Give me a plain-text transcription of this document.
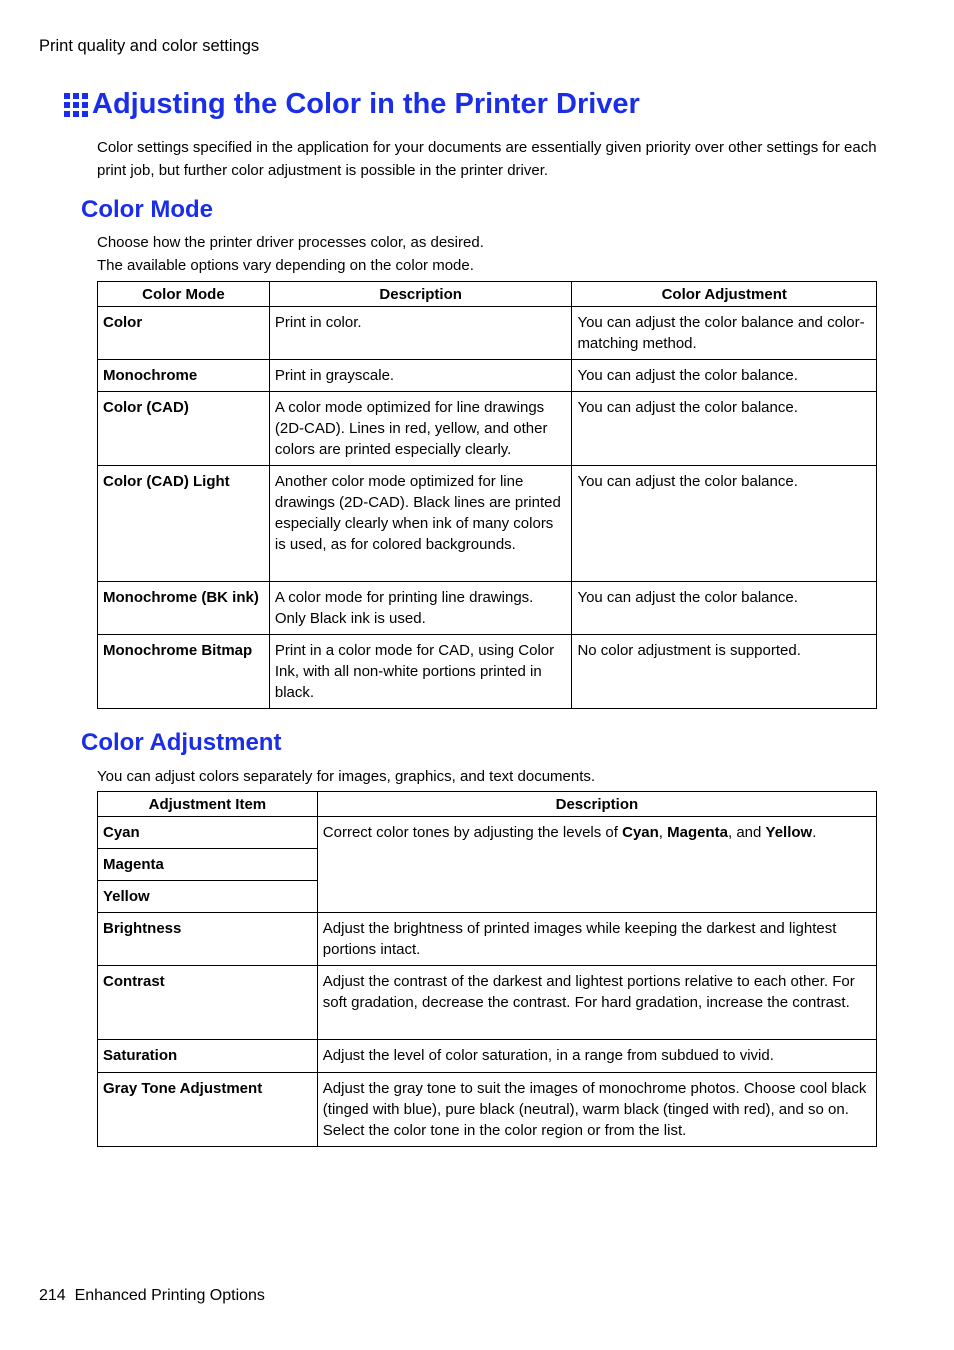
Print quality and color settings
Adjusting the Color in the Printer Driver

Color settings specified in the application for your documents are essentially given priority over other settings for each print job, but further color adjustment is possible in the printer driver.

Color Mode

Choose how the printer driver processes color, as desired.

The available options vary depending on the color mode.

Color Mode	Description	Color Adjustment
Color	Print in color.	You can adjust the color balance and color-matching method.
Monochrome	Print in grayscale.	You can adjust the color balance.
Color (CAD)	A color mode optimized for line drawings (2D-CAD). Lines in red, yellow, and other colors are printed especially clearly.	You can adjust the color balance.
Color (CAD) Light	Another color mode optimized for line drawings (2D-CAD). Black lines are printed especially clearly when ink of many colors is used, as for colored backgrounds.	You can adjust the color balance.
Monochrome (BK ink)	A color mode for printing line drawings. Only Black ink is used.	You can adjust the color balance.
Monochrome Bitmap	Print in a color mode for CAD, using Color Ink, with all non-white portions printed in black.	No color adjustment is supported.
Color Adjustment

You can adjust colors separately for images, graphics, and text documents.

Adjustment Item	Description
Cyan	Correct color tones by adjusting the levels of Cyan, Magenta, and Yellow.
Magenta	
Yellow	
Brightness	Adjust the brightness of printed images while keeping the darkest and lightest portions intact.
Contrast	Adjust the contrast of the darkest and lightest portions relative to each other. For soft gradation, decrease the contrast. For hard gradation, increase the contrast.
Saturation	Adjust the level of color saturation, in a range from subdued to vivid.
Gray Tone Adjustment	Adjust the gray tone to suit the images of monochrome photos. Choose cool black (tinged with blue), pure black (neutral), warm black (tinged with red), and so on. Select the color tone in the color region or from the list.
214  Enhanced Printing Options
